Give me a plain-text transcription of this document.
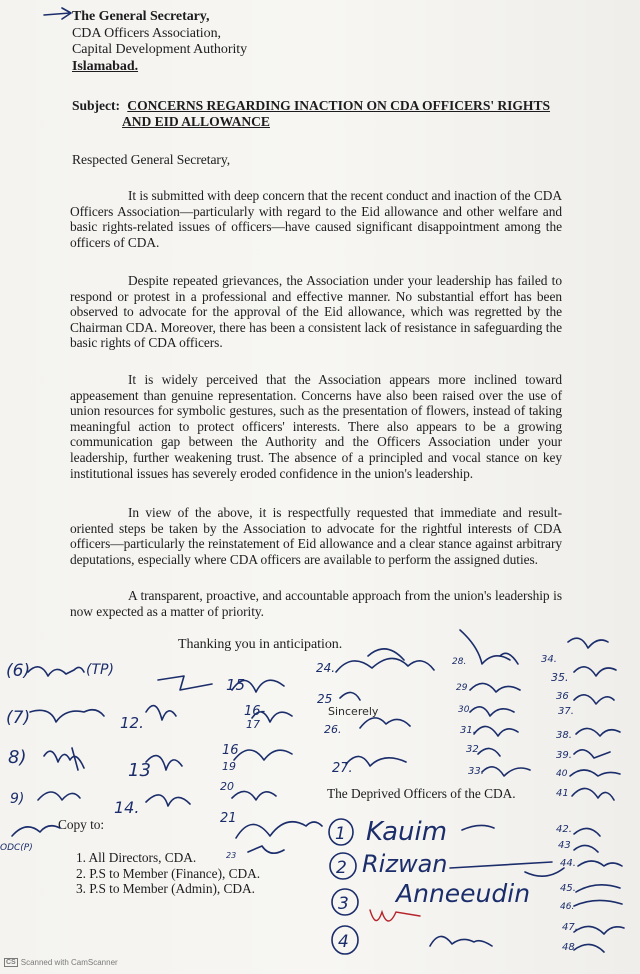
The General Secretary,
CDA Officers Association,
Capital Development Authority
Islamabad.
Subject: CONCERNS REGARDING INACTION ON CDA OFFICERS' RIGHTS
AND EID ALLOWANCE
Respected General Secretary,
It is submitted with deep concern that the recent conduct and inaction of the CDA Officers Association—particularly with regard to the Eid allowance and other welfare and basic rights-related issues of officers—have caused significant disappointment among the officers of CDA.
Despite repeated grievances, the Association under your leadership has failed to respond or protest in a professional and effective manner. No substantial effort has been observed to advocate for the approval of the Eid allowance, which was regretted by the Chairman CDA. Moreover, there has been a consistent lack of resistance in safeguarding the basic rights of CDA officers.
It is widely perceived that the Association appears more inclined toward appeasement than genuine representation. Concerns have also been raised over the use of union resources for symbolic gestures, such as the presentation of flowers, instead of taking meaningful action to protect officers' interests. There also appears to be a growing communication gap between the Authority and the Officers Association under your leadership, further weakening trust. The absence of a principled and vocal stance on key institutional issues has severely eroded confidence in the union's leadership.
In view of the above, it is respectfully requested that immediate and result-oriented steps be taken by the Association to advocate for the rightful interests of CDA officers—particularly the reinstatement of Eid allowance and a clear stance against arbitrary deputations, especially where CDA officers are available to perform the assigned duties.
A transparent, proactive, and accountable approach from the union's leadership is now expected as a matter of priority.
Thanking you in anticipation.
The Deprived Officers of the CDA.
Copy to:
1. All Directors, CDA.
2. P.S to Member (Finance), CDA.
3. P.S to Member (Admin), CDA.
(6)	(TP)
(7)	12.
8)
13
9)	14.
ODC(P)
15
16-
17
16
19
20
21
23
24.
25
Sincerely
26.
27.
28.
29
30
31.
32
33.
34.
35.
36
37.
38.
39.
40
41
42.
43
44.
45.
46.
47.
48
1
2
3
4
Kauim
Rizwan
Anneeudin
CS Scanned with CamScanner
